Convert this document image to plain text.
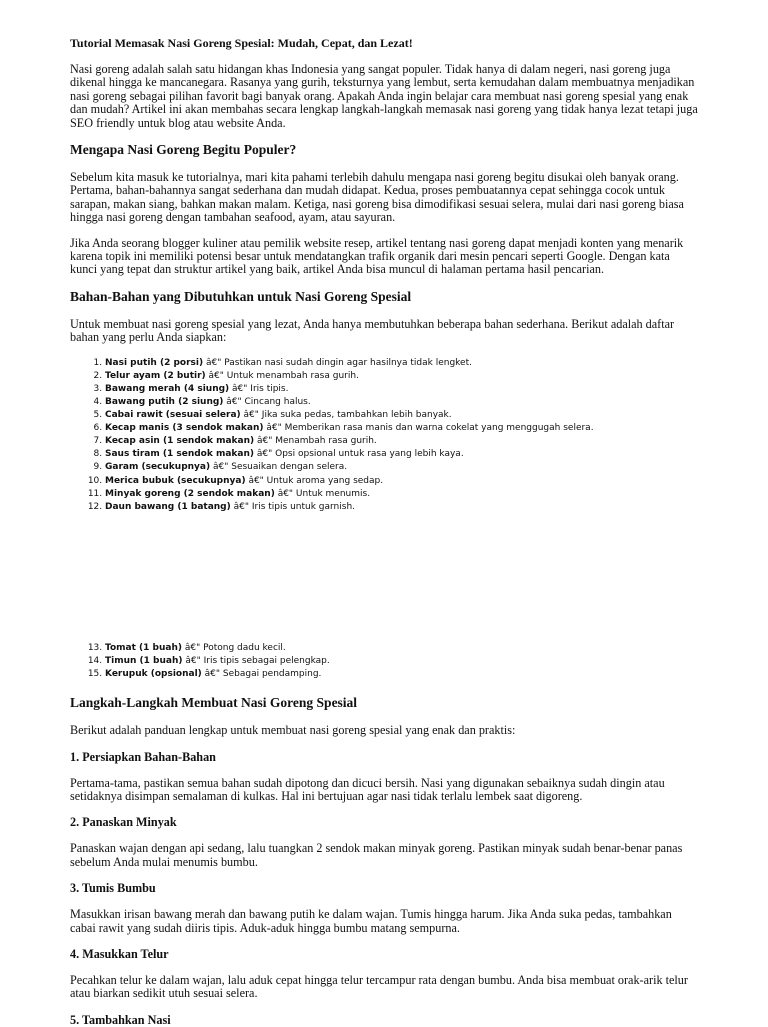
Tutorial Memasak Nasi Goreng Spesial: Mudah, Cepat, dan Lezat!

Nasi goreng adalah salah satu hidangan khas Indonesia yang sangat populer. Tidak hanya di dalam negeri, nasi goreng juga dikenal hingga ke mancanegara. Rasanya yang gurih, teksturnya yang lembut, serta kemudahan dalam membuatnya menjadikan nasi goreng sebagai pilihan favorit bagi banyak orang. Apakah Anda ingin belajar cara membuat nasi goreng spesial yang enak dan mudah? Artikel ini akan membahas secara lengkap langkah-langkah memasak nasi goreng yang tidak hanya lezat tetapi juga SEO friendly untuk blog atau website Anda.

Mengapa Nasi Goreng Begitu Populer?

Sebelum kita masuk ke tutorialnya, mari kita pahami terlebih dahulu mengapa nasi goreng begitu disukai oleh banyak orang. Pertama, bahan-bahannya sangat sederhana dan mudah didapat. Kedua, proses pembuatannya cepat sehingga cocok untuk sarapan, makan siang, bahkan makan malam. Ketiga, nasi goreng bisa dimodifikasi sesuai selera, mulai dari nasi goreng biasa hingga nasi goreng dengan tambahan seafood, ayam, atau sayuran.

Jika Anda seorang blogger kuliner atau pemilik website resep, artikel tentang nasi goreng dapat menjadi konten yang menarik karena topik ini memiliki potensi besar untuk mendatangkan trafik organik dari mesin pencari seperti Google. Dengan kata kunci yang tepat dan struktur artikel yang baik, artikel Anda bisa muncul di halaman pertama hasil pencarian.

Bahan-Bahan yang Dibutuhkan untuk Nasi Goreng Spesial

Untuk membuat nasi goreng spesial yang lezat, Anda hanya membutuhkan beberapa bahan sederhana. Berikut adalah daftar bahan yang perlu Anda siapkan:

1. Nasi putih (2 porsi) â€" Pastikan nasi sudah dingin agar hasilnya tidak lengket.
2. Telur ayam (2 butir) â€" Untuk menambah rasa gurih.
3. Bawang merah (4 siung) â€" Iris tipis.
4. Bawang putih (2 siung) â€" Cincang halus.
5. Cabai rawit (sesuai selera) â€" Jika suka pedas, tambahkan lebih banyak.
6. Kecap manis (3 sendok makan) â€" Memberikan rasa manis dan warna cokelat yang menggugah selera.
7. Kecap asin (1 sendok makan) â€" Menambah rasa gurih.
8. Saus tiram (1 sendok makan) â€" Opsi opsional untuk rasa yang lebih kaya.
9. Garam (secukupnya) â€" Sesuaikan dengan selera.
10. Merica bubuk (secukupnya) â€" Untuk aroma yang sedap.
11. Minyak goreng (2 sendok makan) â€" Untuk menumis.
12. Daun bawang (1 batang) â€" Iris tipis untuk garnish.
13. Tomat (1 buah) â€" Potong dadu kecil.
14. Timun (1 buah) â€" Iris tipis sebagai pelengkap.
15. Kerupuk (opsional) â€" Sebagai pendamping.
Langkah-Langkah Membuat Nasi Goreng Spesial

Berikut adalah panduan lengkap untuk membuat nasi goreng spesial yang enak dan praktis:

1. Persiapkan Bahan-Bahan

Pertama-tama, pastikan semua bahan sudah dipotong dan dicuci bersih. Nasi yang digunakan sebaiknya sudah dingin atau setidaknya disimpan semalaman di kulkas. Hal ini bertujuan agar nasi tidak terlalu lembek saat digoreng.

2. Panaskan Minyak

Panaskan wajan dengan api sedang, lalu tuangkan 2 sendok makan minyak goreng. Pastikan minyak sudah benar-benar panas sebelum Anda mulai menumis bumbu.

3. Tumis Bumbu

Masukkan irisan bawang merah dan bawang putih ke dalam wajan. Tumis hingga harum. Jika Anda suka pedas, tambahkan cabai rawit yang sudah diiris tipis. Aduk-aduk hingga bumbu matang sempurna.

4. Masukkan Telur

Pecahkan telur ke dalam wajan, lalu aduk cepat hingga telur tercampur rata dengan bumbu. Anda bisa membuat orak-arik telur atau biarkan sedikit utuh sesuai selera.

5. Tambahkan Nasi
